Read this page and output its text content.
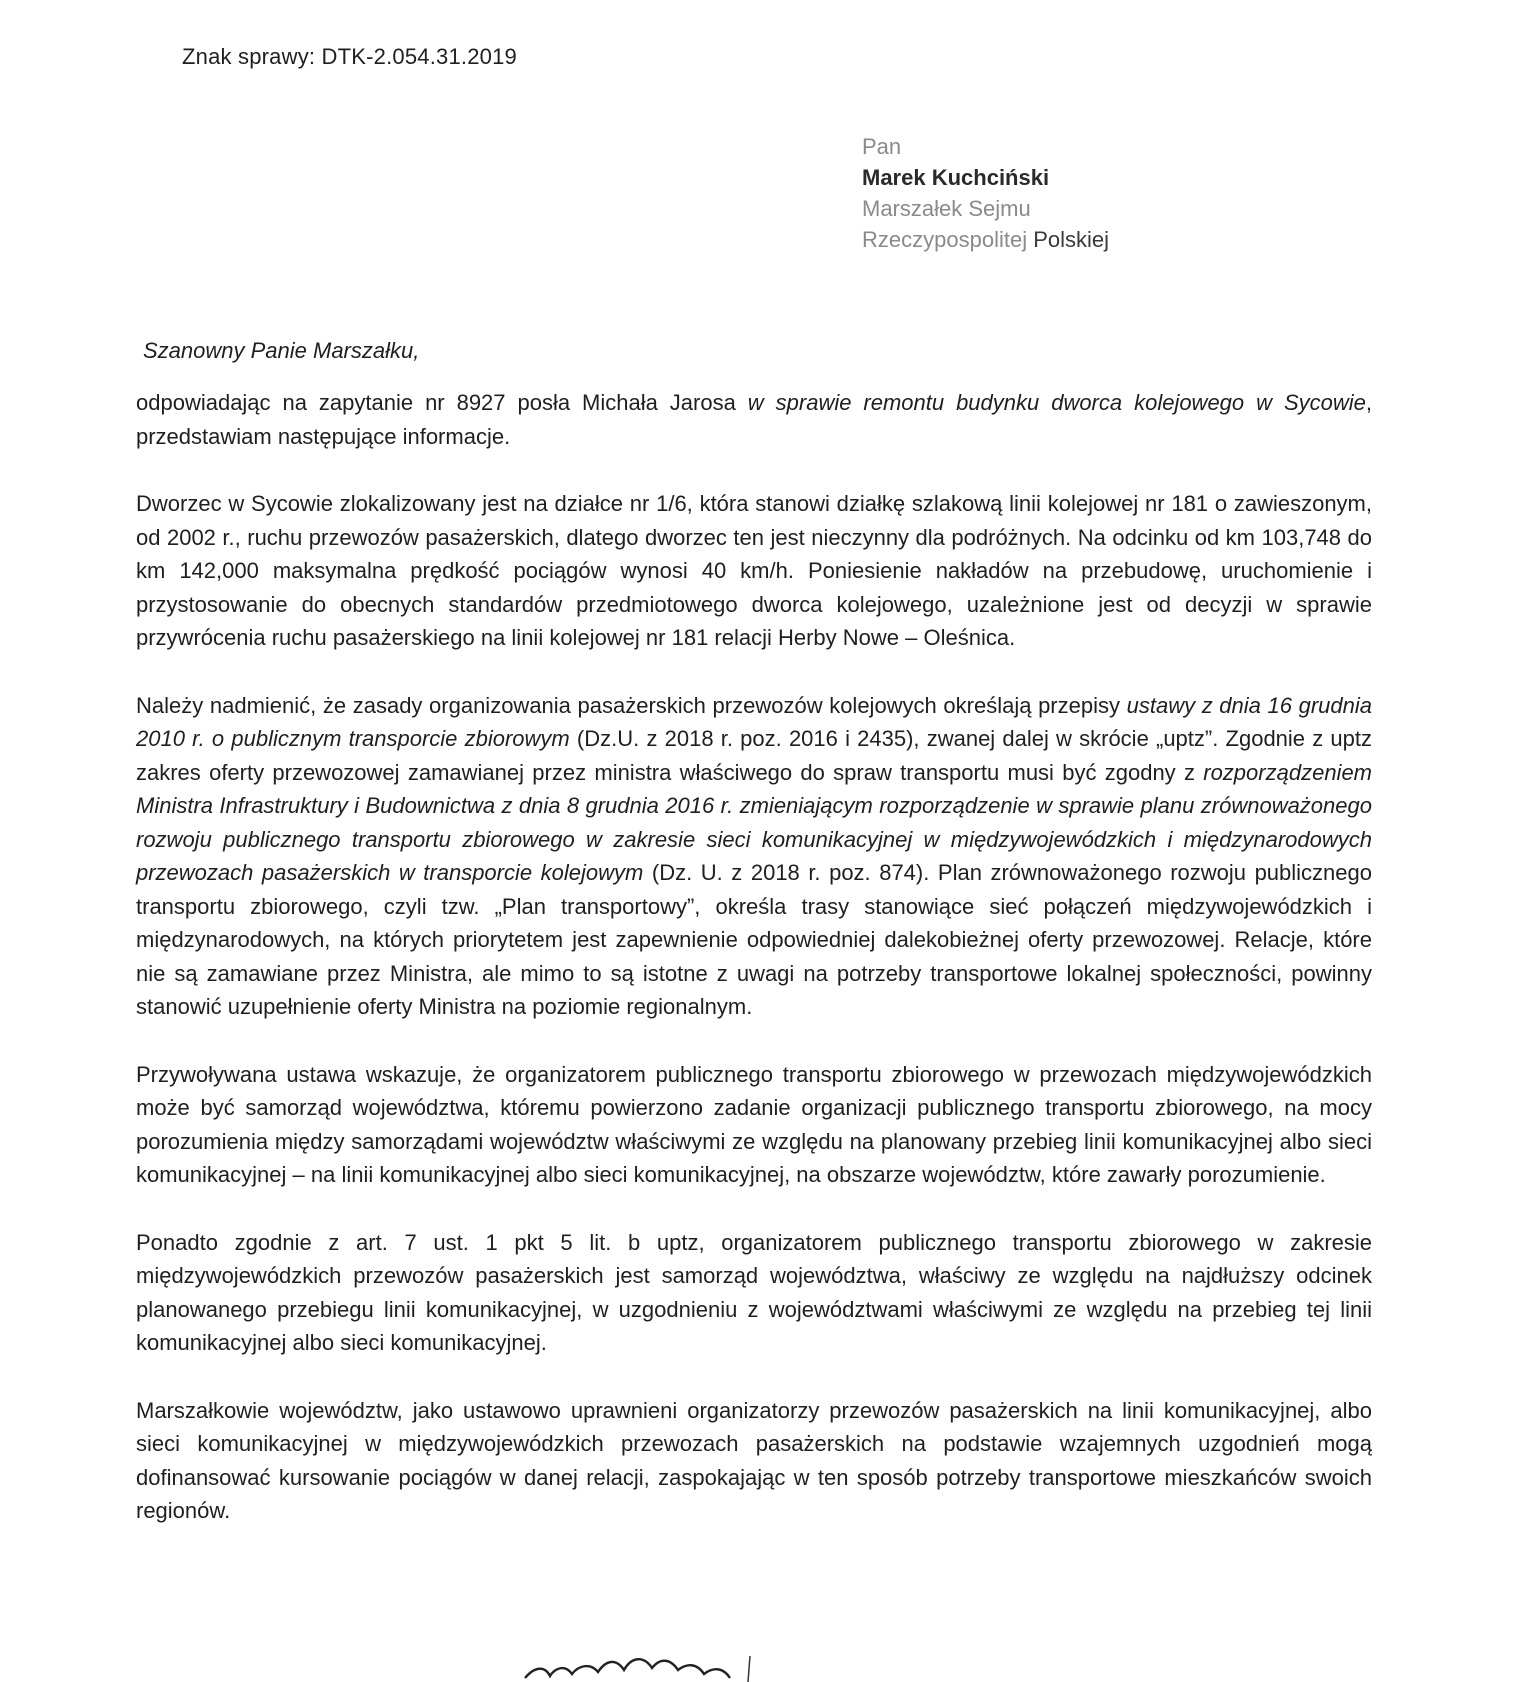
Znak sprawy: DTK-2.054.31.2019
Pan
Marek Kuchciński
Marszałek Sejmu
Rzeczypospolitej Polskiej
Szanowny Panie Marszałku,

odpowiadając na zapytanie nr 8927 posła Michała Jarosa w sprawie remontu budynku dworca kolejowego w Sycowie, przedstawiam następujące informacje.

Dworzec w Sycowie zlokalizowany jest na działce nr 1/6, która stanowi działkę szlakową linii kolejowej nr 181 o zawieszonym, od 2002 r., ruchu przewozów pasażerskich, dlatego dworzec ten jest nieczynny dla podróżnych. Na odcinku od km 103,748 do km 142,000 maksymalna prędkość pociągów wynosi 40 km/h. Poniesienie nakładów na przebudowę, uruchomienie i przystosowanie do obecnych standardów przedmiotowego dworca kolejowego, uzależnione jest od decyzji w sprawie przywrócenia ruchu pasażerskiego na linii kolejowej nr 181 relacji Herby Nowe – Oleśnica.

Należy nadmienić, że zasady organizowania pasażerskich przewozów kolejowych określają przepisy ustawy z dnia 16 grudnia 2010 r. o publicznym transporcie zbiorowym (Dz.U. z 2018 r. poz. 2016 i 2435), zwanej dalej w skrócie „uptz”. Zgodnie z uptz zakres oferty przewozowej zamawianej przez ministra właściwego do spraw transportu musi być zgodny z rozporządzeniem Ministra Infrastruktury i Budownictwa z dnia 8 grudnia 2016 r. zmieniającym rozporządzenie w sprawie planu zrównoważonego rozwoju publicznego transportu zbiorowego w zakresie sieci komunikacyjnej w międzywojewódzkich i międzynarodowych przewozach pasażerskich w transporcie kolejowym (Dz. U. z 2018 r. poz. 874). Plan zrównoważonego rozwoju publicznego transportu zbiorowego, czyli tzw. „Plan transportowy”, określa trasy stanowiące sieć połączeń międzywojewódzkich i międzynarodowych, na których priorytetem jest zapewnienie odpowiedniej dalekobieżnej oferty przewozowej. Relacje, które nie są zamawiane przez Ministra, ale mimo to są istotne z uwagi na potrzeby transportowe lokalnej społeczności, powinny stanowić uzupełnienie oferty Ministra na poziomie regionalnym.

Przywoływana ustawa wskazuje, że organizatorem publicznego transportu zbiorowego w przewozach międzywojewódzkich może być samorząd województwa, któremu powierzono zadanie organizacji publicznego transportu zbiorowego, na mocy porozumienia między samorządami województw właściwymi ze względu na planowany przebieg linii komunikacyjnej albo sieci komunikacyjnej – na linii komunikacyjnej albo sieci komunikacyjnej, na obszarze województw, które zawarły porozumienie.

Ponadto zgodnie z art. 7 ust. 1 pkt 5 lit. b uptz, organizatorem publicznego transportu zbiorowego w zakresie międzywojewódzkich przewozów pasażerskich jest samorząd województwa, właściwy ze względu na najdłuższy odcinek planowanego przebiegu linii komunikacyjnej, w uzgodnieniu z województwami właściwymi ze względu na przebieg tej linii komunikacyjnej albo sieci komunikacyjnej.

Marszałkowie województw, jako ustawowo uprawnieni organizatorzy przewozów pasażerskich na linii komunikacyjnej, albo sieci komunikacyjnej w międzywojewódzkich przewozach pasażerskich na podstawie wzajemnych uzgodnień mogą dofinansować kursowanie pociągów w danej relacji, zaspokajając w ten sposób potrzeby transportowe mieszkańców swoich regionów.
